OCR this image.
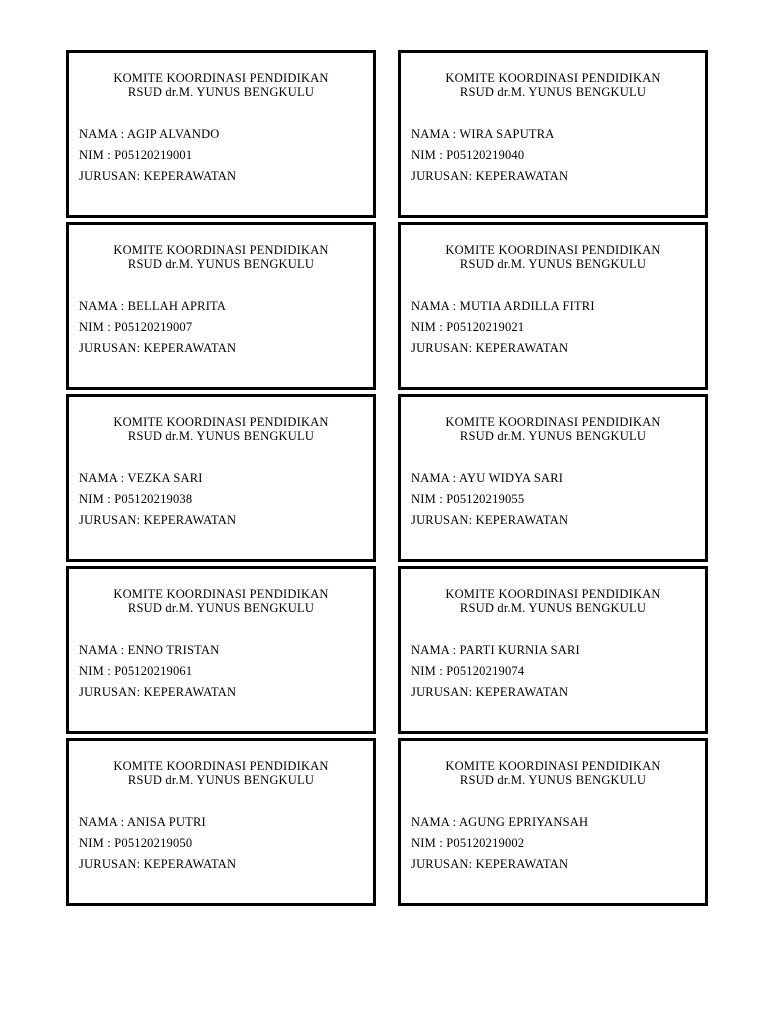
KOMITE KOORDINASI PENDIDIKAN
RSUD dr.M. YUNUS BENGKULU
NAMA : AGIP ALVANDO
NIM : P05120219001
JURUSAN: KEPERAWATAN
KOMITE KOORDINASI PENDIDIKAN
RSUD dr.M. YUNUS BENGKULU
NAMA : WIRA SAPUTRA
NIM : P05120219040
JURUSAN: KEPERAWATAN
KOMITE KOORDINASI PENDIDIKAN
RSUD dr.M. YUNUS BENGKULU
NAMA : BELLAH APRITA
NIM : P05120219007
JURUSAN: KEPERAWATAN
KOMITE KOORDINASI PENDIDIKAN
RSUD dr.M. YUNUS BENGKULU
NAMA : MUTIA ARDILLA FITRI
NIM : P05120219021
JURUSAN: KEPERAWATAN
KOMITE KOORDINASI PENDIDIKAN
RSUD dr.M. YUNUS BENGKULU
NAMA : VEZKA SARI
NIM : P05120219038
JURUSAN: KEPERAWATAN
KOMITE KOORDINASI PENDIDIKAN
RSUD dr.M. YUNUS BENGKULU
NAMA : AYU WIDYA SARI
NIM : P05120219055
JURUSAN: KEPERAWATAN
KOMITE KOORDINASI PENDIDIKAN
RSUD dr.M. YUNUS BENGKULU
NAMA : ENNO TRISTAN
NIM : P05120219061
JURUSAN: KEPERAWATAN
KOMITE KOORDINASI PENDIDIKAN
RSUD dr.M. YUNUS BENGKULU
NAMA : PARTI KURNIA SARI
NIM : P05120219074
JURUSAN: KEPERAWATAN
KOMITE KOORDINASI PENDIDIKAN
RSUD dr.M. YUNUS BENGKULU
NAMA : ANISA PUTRI
NIM : P05120219050
JURUSAN: KEPERAWATAN
KOMITE KOORDINASI PENDIDIKAN
RSUD dr.M. YUNUS BENGKULU
NAMA : AGUNG EPRIYANSAH
NIM : P05120219002
JURUSAN: KEPERAWATAN
